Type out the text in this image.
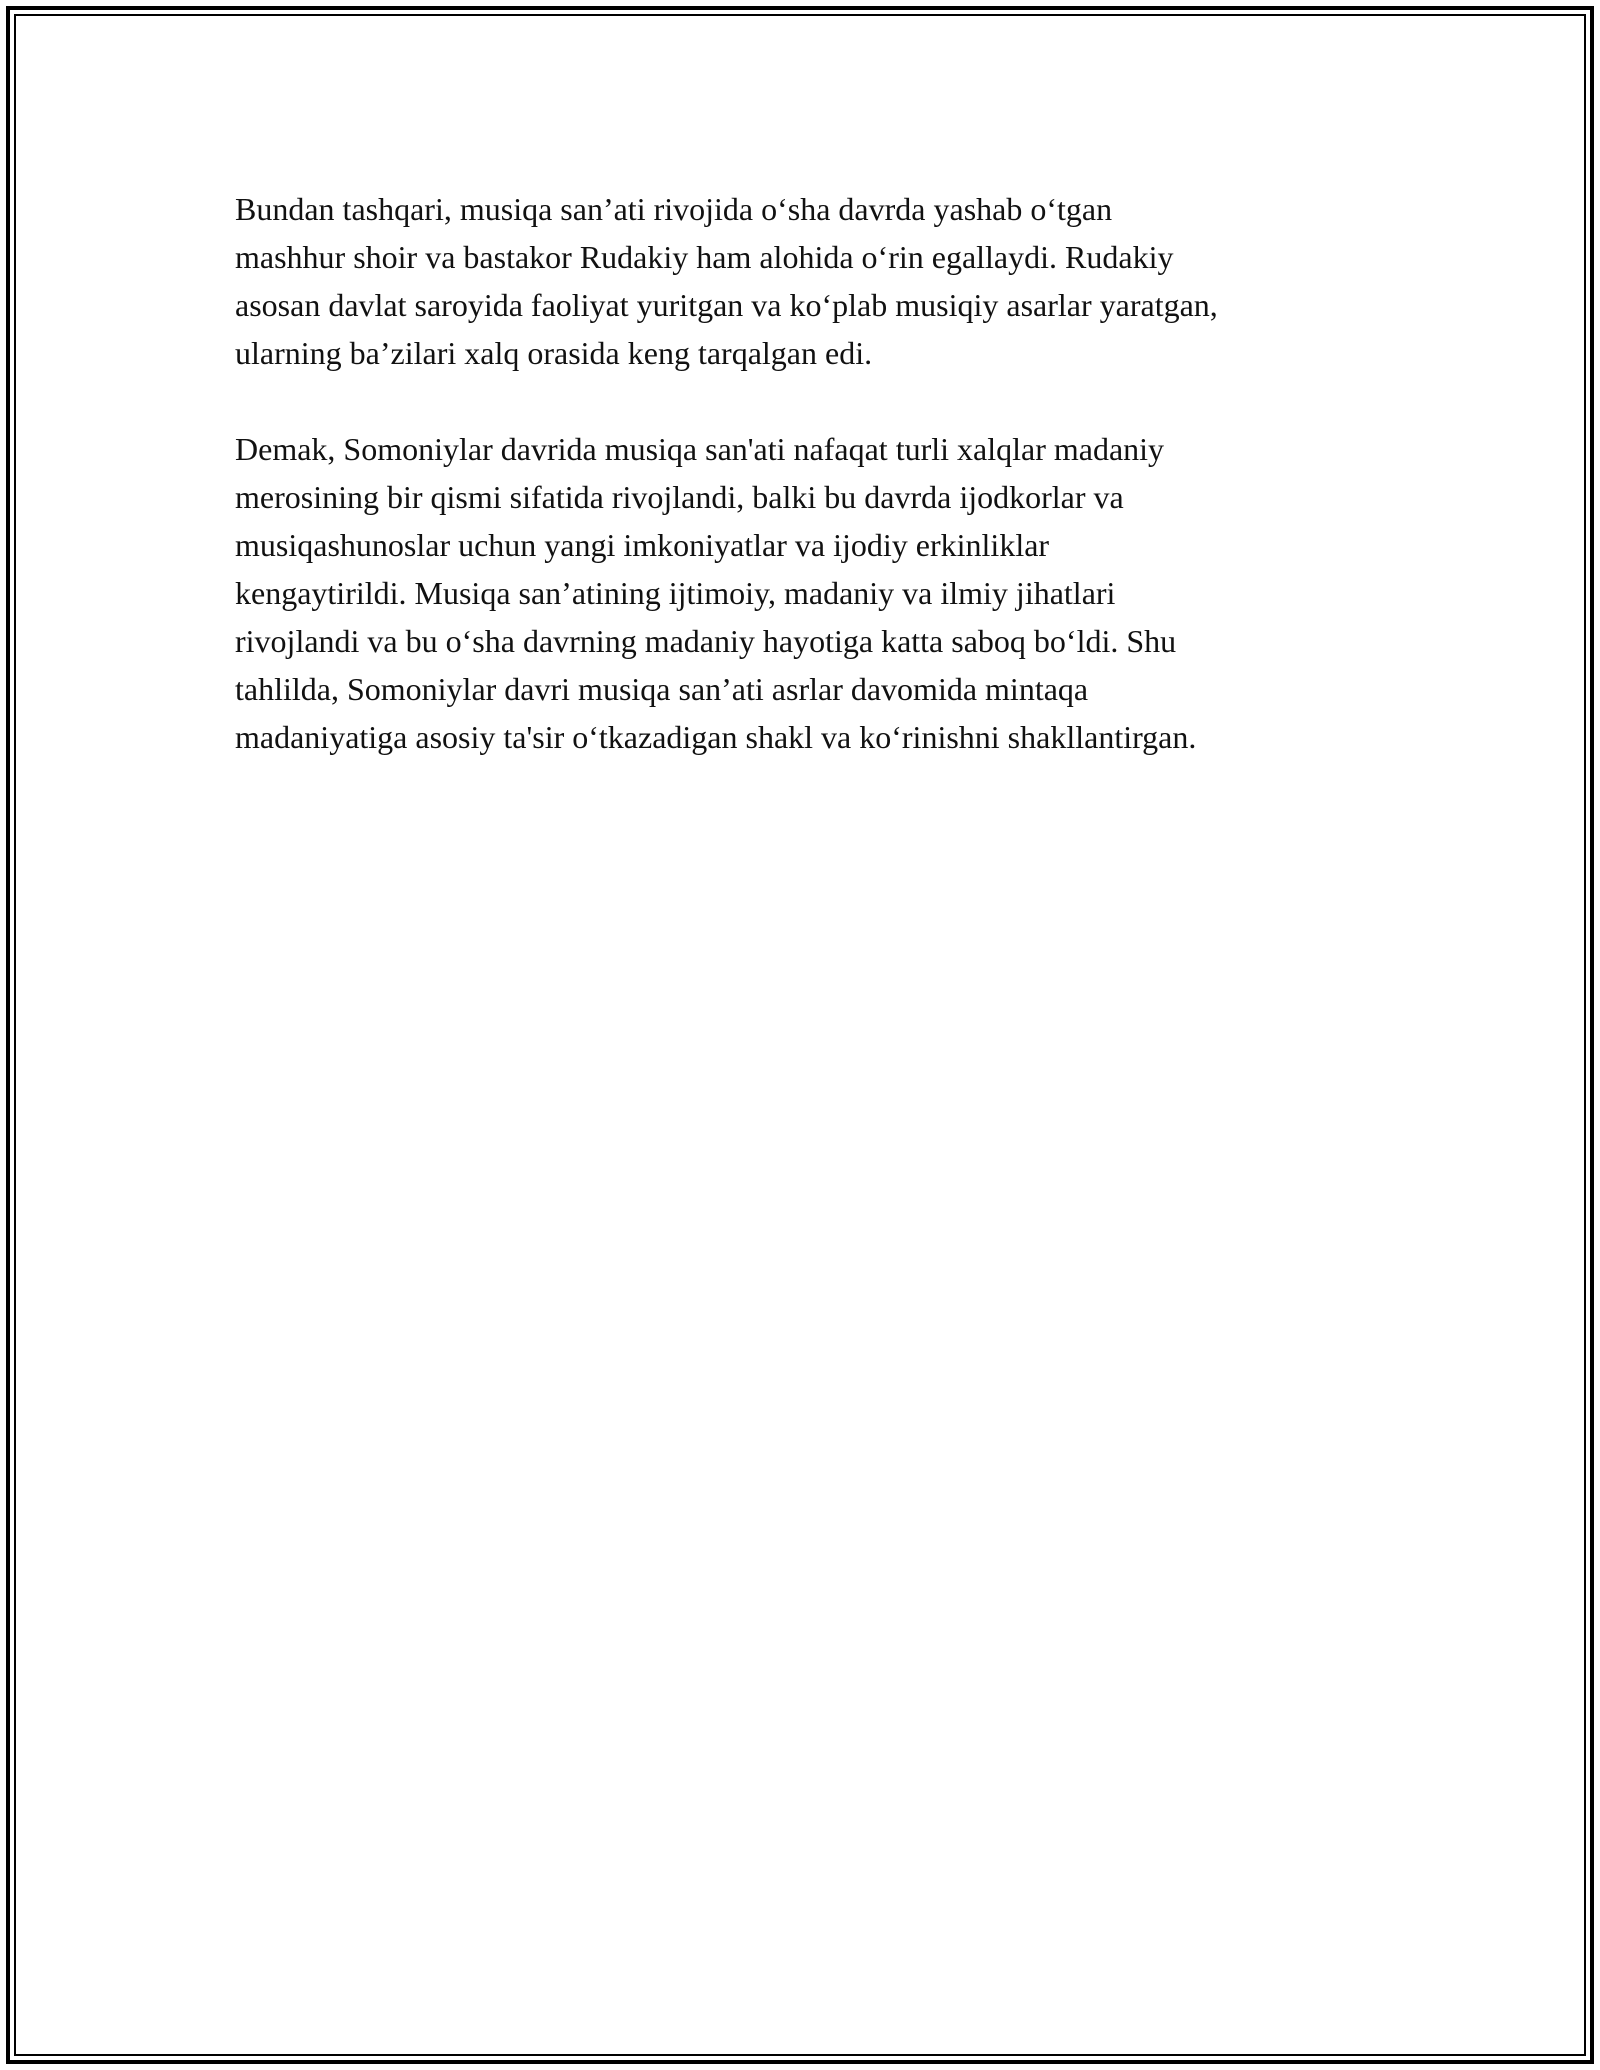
Bundan tashqari, musiqa san’ati rivojida o‘sha davrda yashab o‘tgan
mashhur shoir va bastakor Rudakiy ham alohida o‘rin egallaydi. Rudakiy
asosan davlat saroyida faoliyat yuritgan va ko‘plab musiqiy asarlar yaratgan,
ularning ba’zilari xalq orasida keng tarqalgan edi.

Demak, Somoniylar davrida musiqa san'ati nafaqat turli xalqlar madaniy
merosining bir qismi sifatida rivojlandi, balki bu davrda ijodkorlar va
musiqashunoslar uchun yangi imkoniyatlar va ijodiy erkinliklar
kengaytirildi. Musiqa san’atining ijtimoiy, madaniy va ilmiy jihatlari
rivojlandi va bu o‘sha davrning madaniy hayotiga katta saboq bo‘ldi. Shu
tahlilda, Somoniylar davri musiqa san’ati asrlar davomida mintaqa
madaniyatiga asosiy ta'sir o‘tkazadigan shakl va ko‘rinishni shakllantirgan.
